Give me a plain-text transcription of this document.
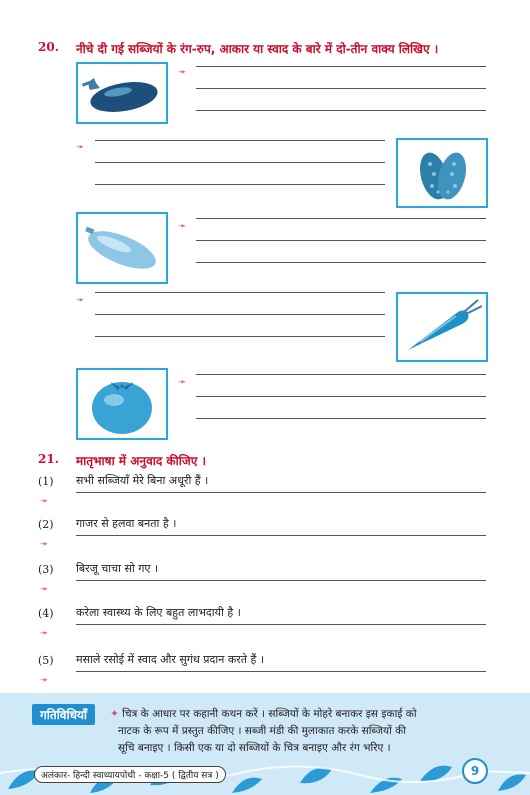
20. नीचे दी गई सब्जियों के रंग-रुप, आकार या स्वाद के बारे में दो-तीन वाक्य लिखिए ।
➛
➛
➛
➛
➛
21. मातृभाषा में अनुवाद कीजिए ।
(1) सभी सब्जियाँ मेरे बिना अधूरी हैं ।
➛
(2) गाजर से हलवा बनता है ।
➛
(3) बिरजू चाचा सो गए ।
➛
(4) करेला स्वास्थ्य के लिए बहुत लाभदायी है ।
➛
(5) मसाले रसोई में स्वाद और सुगंध प्रदान करते हैं ।
➛
गतिविधियाँ	✦ चित्र के आधार पर कहानी कथन करें । सब्जियों के मोहरे बनाकर इस इकाई को
नाटक के रूप में प्रस्तुत कीजिए । सब्जी मंडी की मुलाकात करके सब्जियों की
सूचि बनाइए । किसी एक या दो सब्जियों के चित्र बनाइए और रंग भरिए ।
अलंकार- हिन्दी स्वाध्यायपोथी - कक्षा-5 ( द्वितीय सत्र )	9
